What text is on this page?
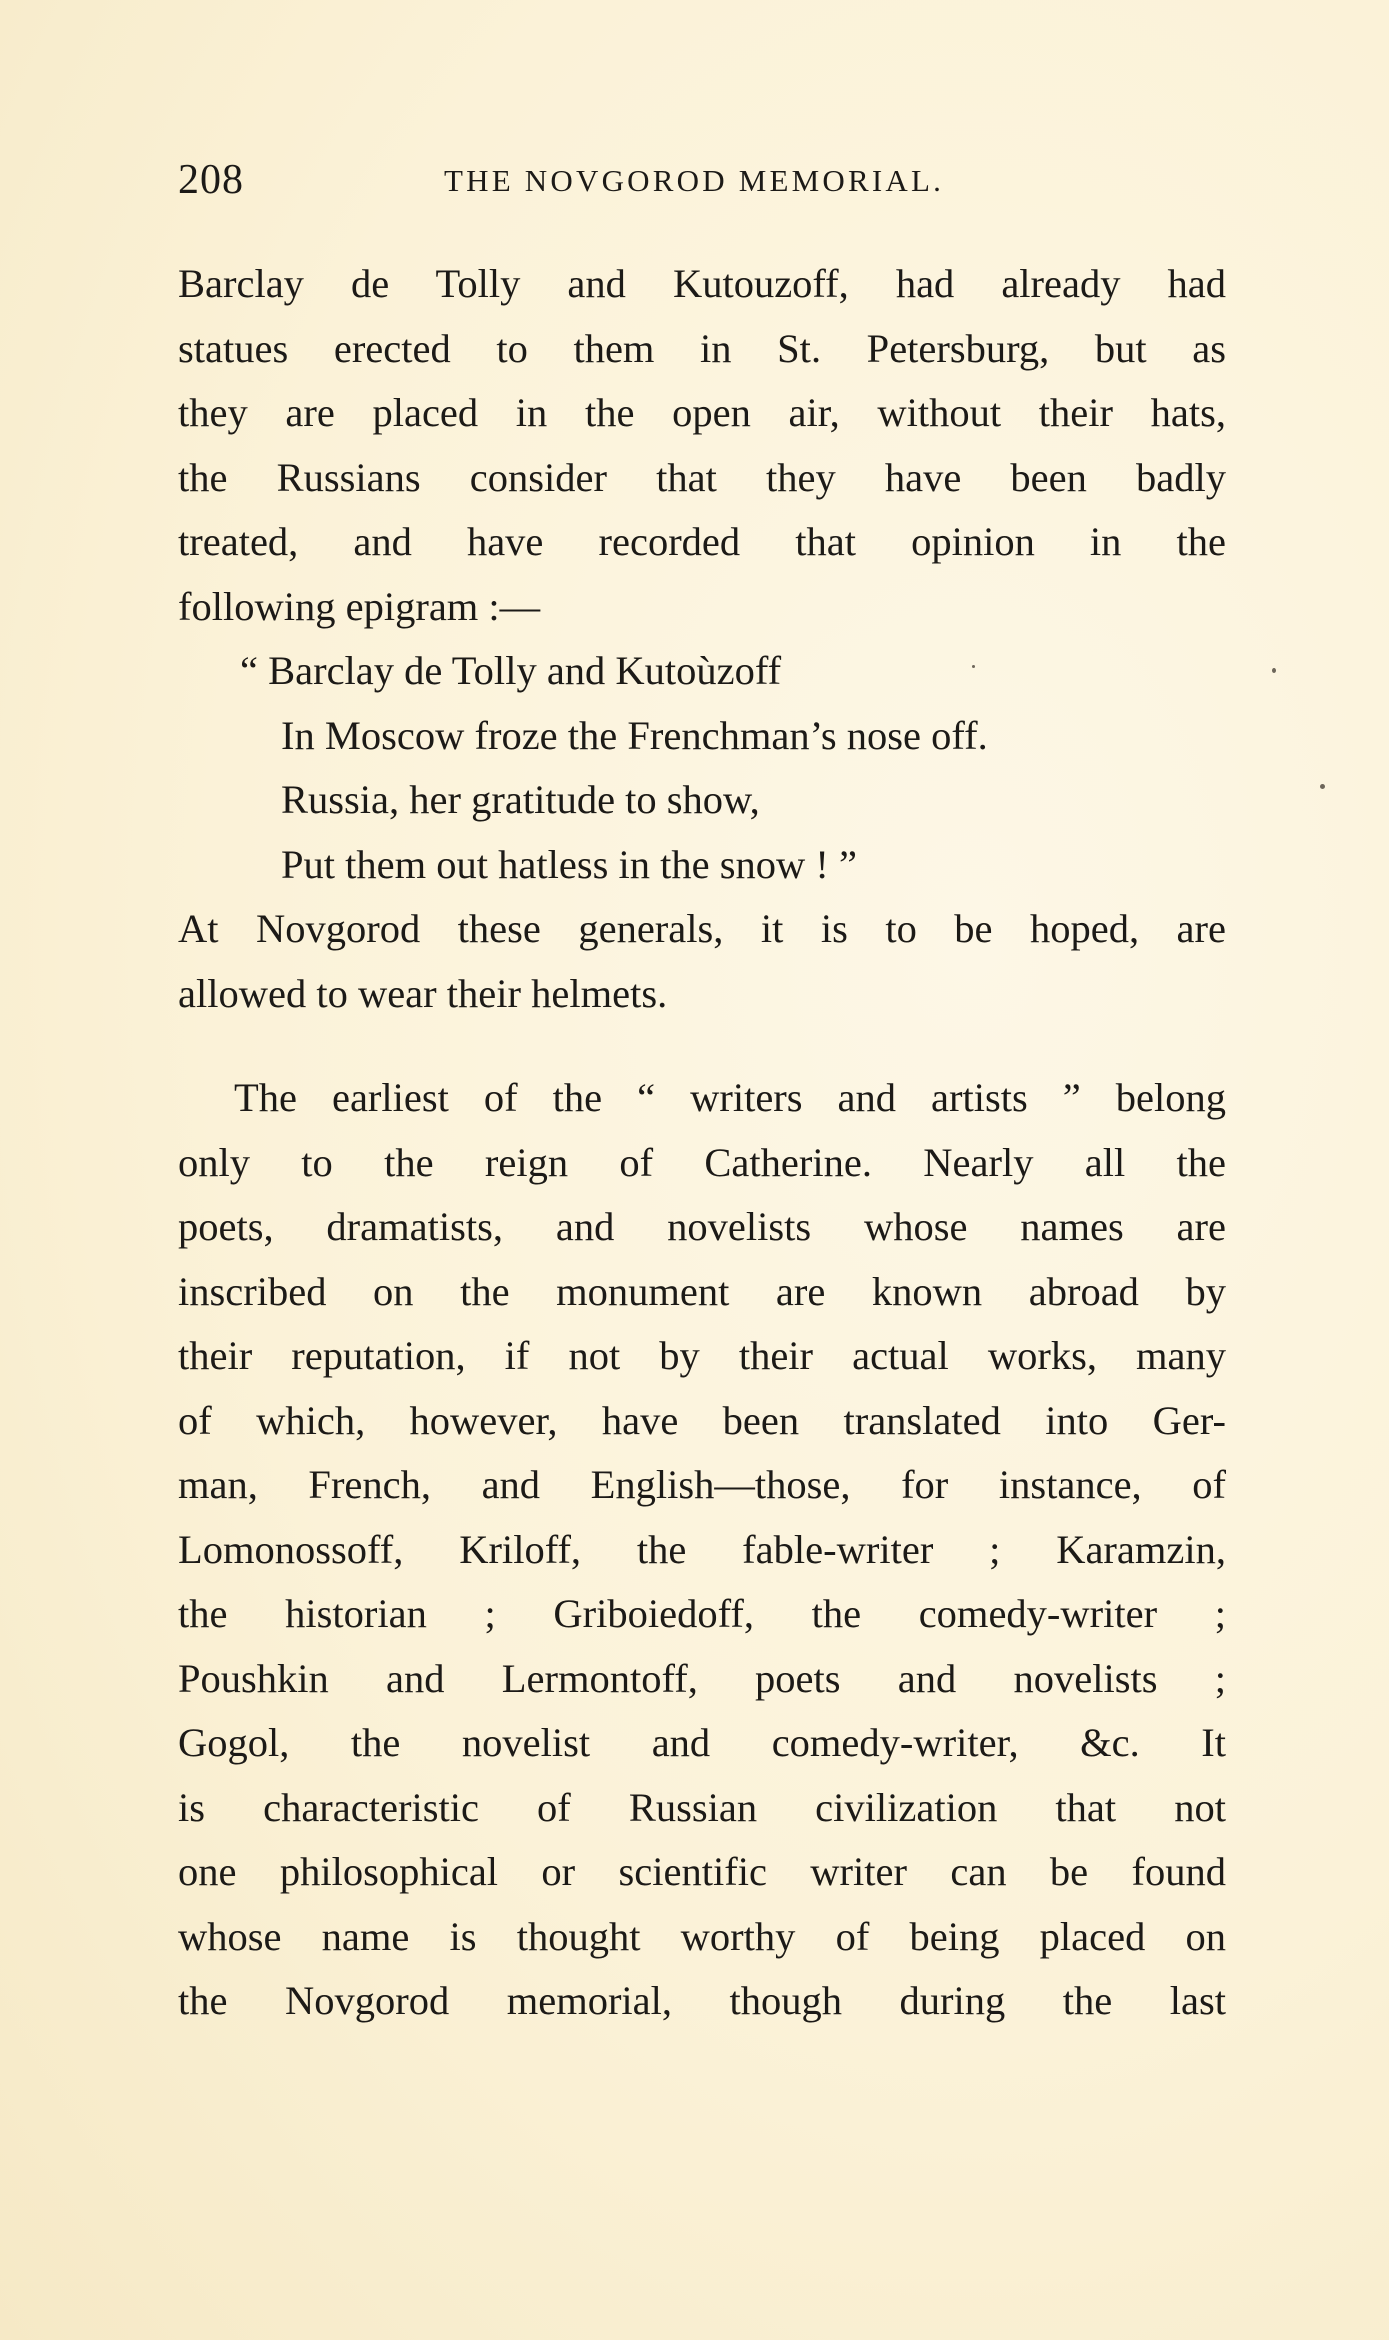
208	THE NOVGOROD MEMORIAL.
Barclay de Tolly and Kutouzoff, had already had
statues erected to them in St. Petersburg, but as
they are placed in the open air, without their hats,
the Russians consider that they have been badly
treated, and have recorded that opinion in the
following epigram :—
“ Barclay de Tolly and Kutoùzoff
In Moscow froze the Frenchman’s nose off.
Russia, her gratitude to show,
Put them out hatless in the snow ! ”
At Novgorod these generals, it is to be hoped, are
allowed to wear their helmets.
The earliest of the “ writers and artists ” belong
only to the reign of Catherine. Nearly all the
poets, dramatists, and novelists whose names are
inscribed on the monument are known abroad by
their reputation, if not by their actual works, many
of which, however, have been translated into Ger-
man, French, and English—those, for instance, of
Lomonossoff, Kriloff, the fable-writer ; Karamzin,
the historian ; Griboiedoff, the comedy-writer ;
Poushkin and Lermontoff, poets and novelists ;
Gogol, the novelist and comedy-writer, &c. It
is characteristic of Russian civilization that not
one philosophical or scientific writer can be found
whose name is thought worthy of being placed on
the Novgorod memorial, though during the last
